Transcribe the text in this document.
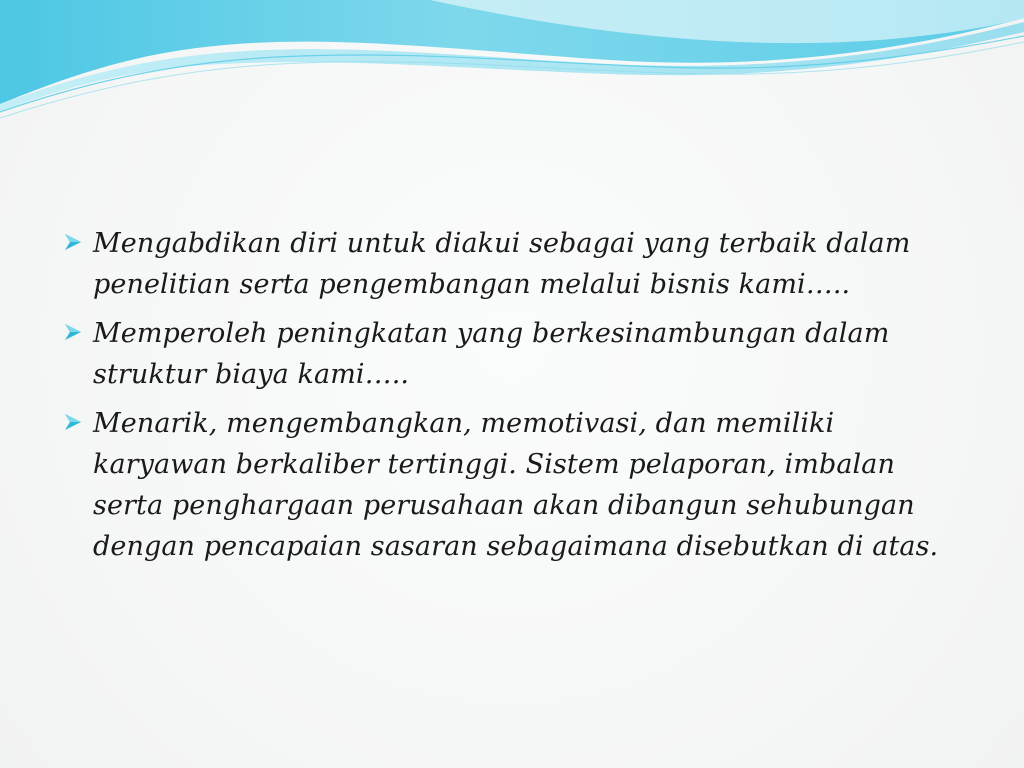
Mengabdikan diri untuk diakui sebagai yang terbaik dalam penelitian serta pengembangan melalui bisnis kami…..
Memperoleh peningkatan yang berkesinambungan dalam struktur biaya kami…..
Menarik, mengembangkan, memotivasi, dan memiliki karyawan berkaliber tertinggi. Sistem pelaporan, imbalan serta penghargaan perusahaan akan dibangun sehubungan dengan pencapaian sasaran sebagaimana disebutkan di atas.
